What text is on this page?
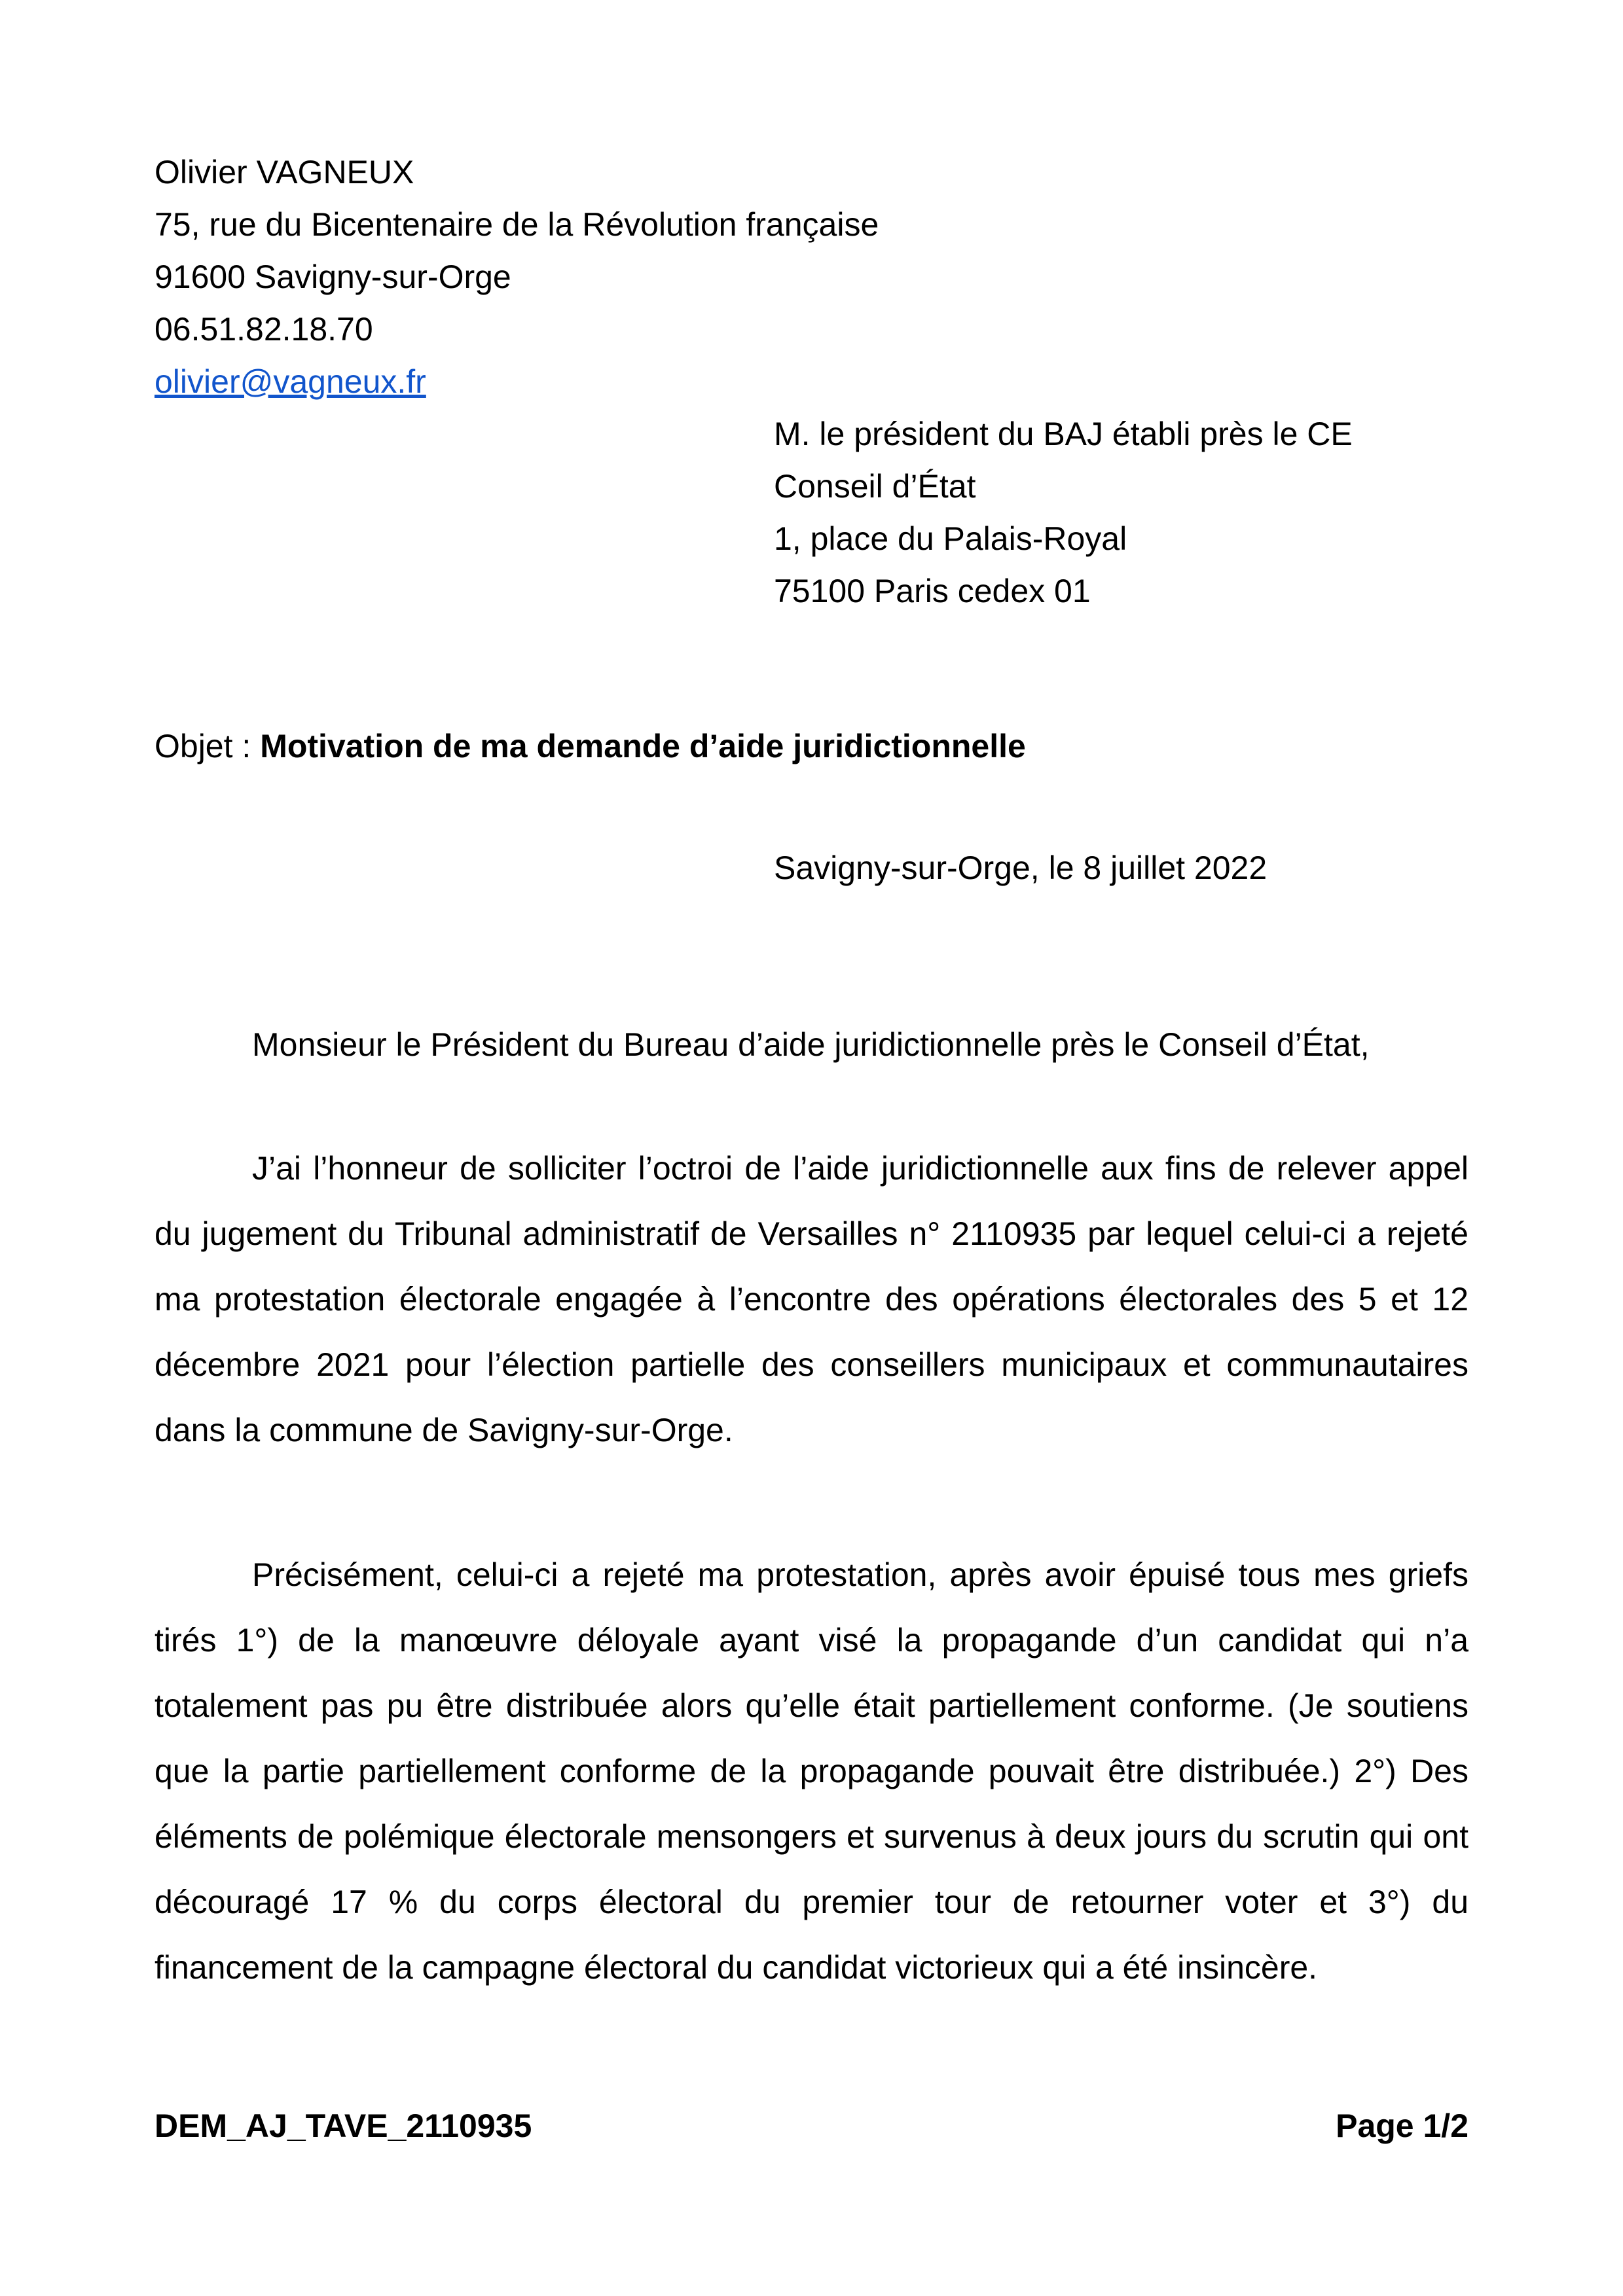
Olivier VAGNEUX
75, rue du Bicentenaire de la Révolution française
91600 Savigny-sur-Orge
06.51.82.18.70
olivier@vagneux.fr
M. le président du BAJ établi près le CE
Conseil d’État
1, place du Palais-Royal
75100 Paris cedex 01
Objet : Motivation de ma demande d’aide juridictionnelle
Savigny-sur-Orge, le 8 juillet 2022
Monsieur le Président du Bureau d’aide juridictionnelle près le Conseil d’État,
J’ai l’honneur de solliciter l’octroi de l’aide juridictionnelle aux fins de relever appel du jugement du Tribunal administratif de Versailles n° 2110935 par lequel celui-ci a rejeté ma protestation électorale engagée à l’encontre des opérations électorales des 5 et 12 décembre 2021 pour l’élection partielle des conseillers municipaux et communautaires dans la commune de Savigny-sur-Orge.
Précisément, celui-ci a rejeté ma protestation, après avoir épuisé tous mes griefs tirés 1°) de la manœuvre déloyale ayant visé la propagande d’un candidat qui n’a totalement pas pu être distribuée alors qu’elle était partiellement conforme. (Je soutiens que la partie partiellement conforme de la propagande pouvait être distribuée.) 2°) Des éléments de polémique électorale mensongers et survenus à deux jours du scrutin qui ont découragé 17 % du corps électoral du premier tour de retourner voter et 3°) du financement de la campagne électoral du candidat victorieux qui a été insincère.
DEM_AJ_TAVE_2110935	Page 1/2
